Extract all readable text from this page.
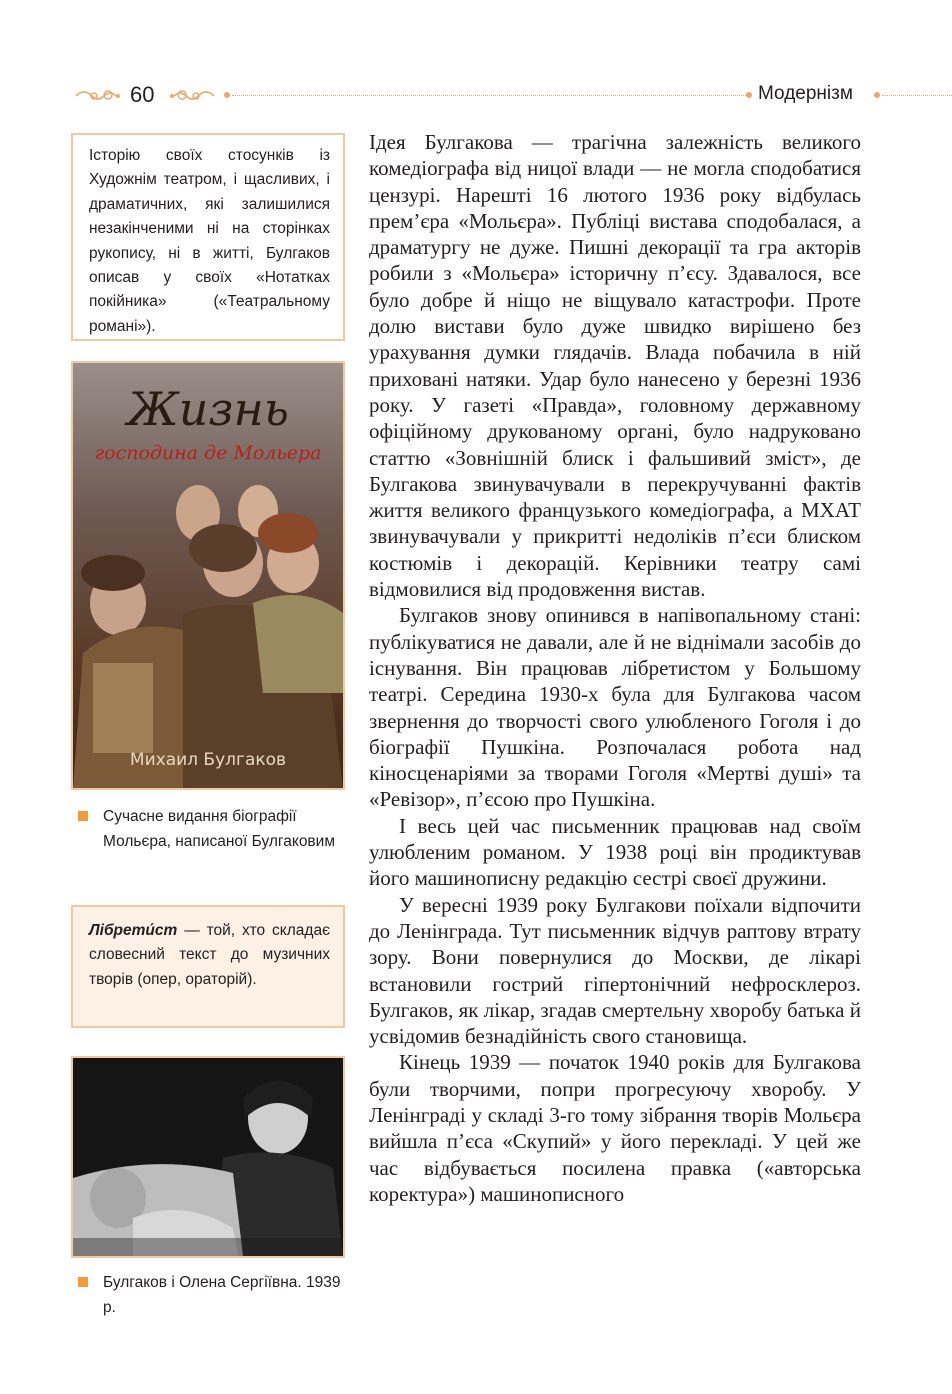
60	Модернізм
Історію своїх стосунків із Художнім театром, і щасливих, і драматичних, які залишилися незакінченими ні на сторінках рукопису, ні в житті, Булгаков описав у своїх «Нотатках покійника» («Театральному романі»).
Жизнь
господина де Мольера
Михаил Булгаков
Сучасне видання біографії Мольєра, написаної Булгаковим
Лібрети́ст — той, хто складає словесний текст до музичних творів (опер, ораторій).
Булгаков і Олена Сергіївна. 1939 р.

Ідея Булгакова — трагічна залежність великого комедіографа від ницої влади — не могла сподобатися цензурі. Нарешті 16 лютого 1936 року відбулась прем’єра «Мольєра». Публіці вистава сподобалася, а драматургу не дуже. Пишні декорації та гра акторів робили з «Мольєра» історичну п’єсу. Здавалося, все було добре й ніщо не віщувало катастрофи. Проте долю вистави було дуже швидко вирішено без урахування думки глядачів. Влада побачила в ній приховані натяки. Удар було нанесено у березні 1936 року. У газеті «Правда», головному державному офіційному друкованому органі, було надруковано статтю «Зовнішній блиск і фальшивий зміст», де Булгакова звинувачували в перекручуванні фактів життя великого французького комедіографа, а МХАТ звинувачували у прикритті недоліків п’єси блиском костюмів і декорацій. Керівники театру самі відмовилися від продовження вистав.

Булгаков знову опинився в напівопальному стані: публікуватися не давали, але й не віднімали засобів до існування. Він працював лібретистом у Большому театрі. Середина 1930-х була для Булгакова часом звернення до творчості свого улюбленого Гоголя і до біографії Пушкіна. Розпочалася робота над кіносценаріями за творами Гоголя «Мертві душі» та «Ревізор», п’єсою про Пушкіна.

І весь цей час письменник працював над своїм улюбленим романом. У 1938 році він продиктував його машинописну редакцію сестрі своєї дружини.

У вересні 1939 року Булгакови поїхали відпочити до Ленінграда. Тут письменник відчув раптову втрату зору. Вони повернулися до Москви, де лікарі встановили гострий гіпертонічний нефросклероз. Булгаков, як лікар, згадав смертельну хворобу батька й усвідомив безнадійність свого становища.

Кінець 1939 — початок 1940 років для Булгакова були творчими, попри прогресуючу хворобу. У Ленінграді у складі 3-го тому зібрання творів Мольєра вийшла п’єса «Скупий» у його перекладі. У цей же час відбувається посилена правка («авторська коректура») машинописного
